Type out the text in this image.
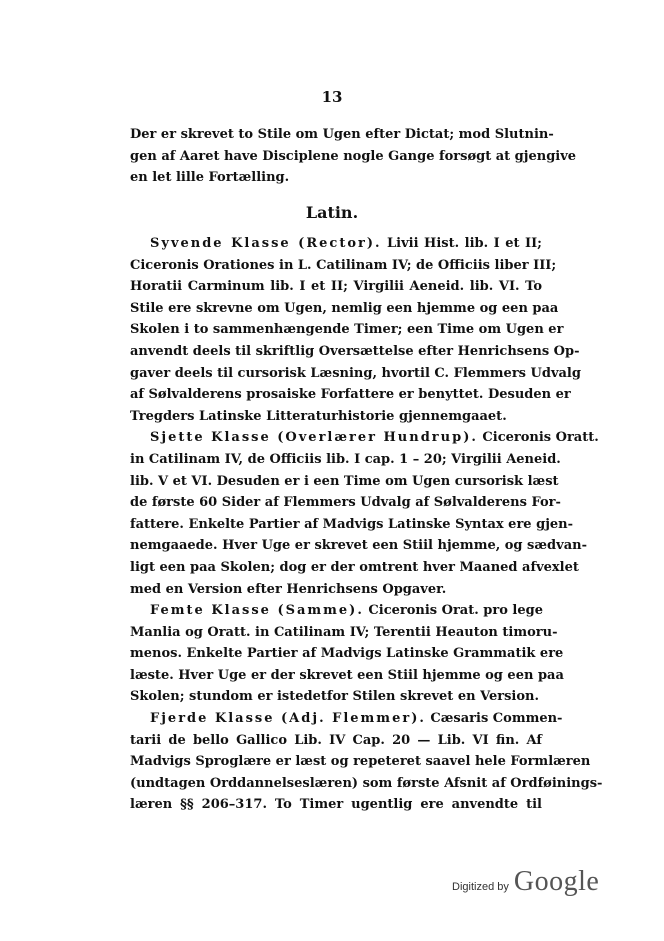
13
Der er skrevet to Stile om Ugen efter Dictat; mod Slutnin-
gen af Aaret have Disciplene nogle Gange forsøgt at gjengive
en let lille Fortælling.
Latin.
Syvende Klasse (Rector). Livii Hist. lib. I et II;
Ciceronis Orationes in L. Catilinam IV; de Officiis liber III;
Horatii Carminum lib. I et II; Virgilii Aeneid. lib. VI. To
Stile ere skrevne om Ugen, nemlig een hjemme og een paa
Skolen i to sammenhængende Timer; een Time om Ugen er
anvendt deels til skriftlig Oversættelse efter Henrichsens Op-
gaver deels til cursorisk Læsning, hvortil C. Flemmers Udvalg
af Sølvalderens prosaiske Forfattere er benyttet. Desuden er
Tregders Latinske Litteraturhistorie gjennemgaaet.
Sjette Klasse (Overlærer Hundrup). Ciceronis Oratt.
in Catilinam IV, de Officiis lib. I cap. 1 – 20; Virgilii Aeneid.
lib. V et VI. Desuden er i een Time om Ugen cursorisk læst
de første 60 Sider af Flemmers Udvalg af Sølvalderens For-
fattere. Enkelte Partier af Madvigs Latinske Syntax ere gjen-
nemgaaede. Hver Uge er skrevet een Stiil hjemme, og sædvan-
ligt een paa Skolen; dog er der omtrent hver Maaned afvexlet
med en Version efter Henrichsens Opgaver.
Femte Klasse (Samme). Ciceronis Orat. pro lege
Manlia og Oratt. in Catilinam IV; Terentii Heauton timoru-
menos. Enkelte Partier af Madvigs Latinske Grammatik ere
læste. Hver Uge er der skrevet een Stiil hjemme og een paa
Skolen; stundom er istedetfor Stilen skrevet en Version.
Fjerde Klasse (Adj. Flemmer). Cæsaris Commen-
tarii de bello Gallico Lib. IV Cap. 20 — Lib. VI fin. Af
Madvigs Sproglære er læst og repeteret saavel hele Formlæren
(undtagen Orddannelseslæren) som første Afsnit af Ordføinings-
læren §§ 206–317. To Timer ugentlig ere anvendte til
Digitized by Google
